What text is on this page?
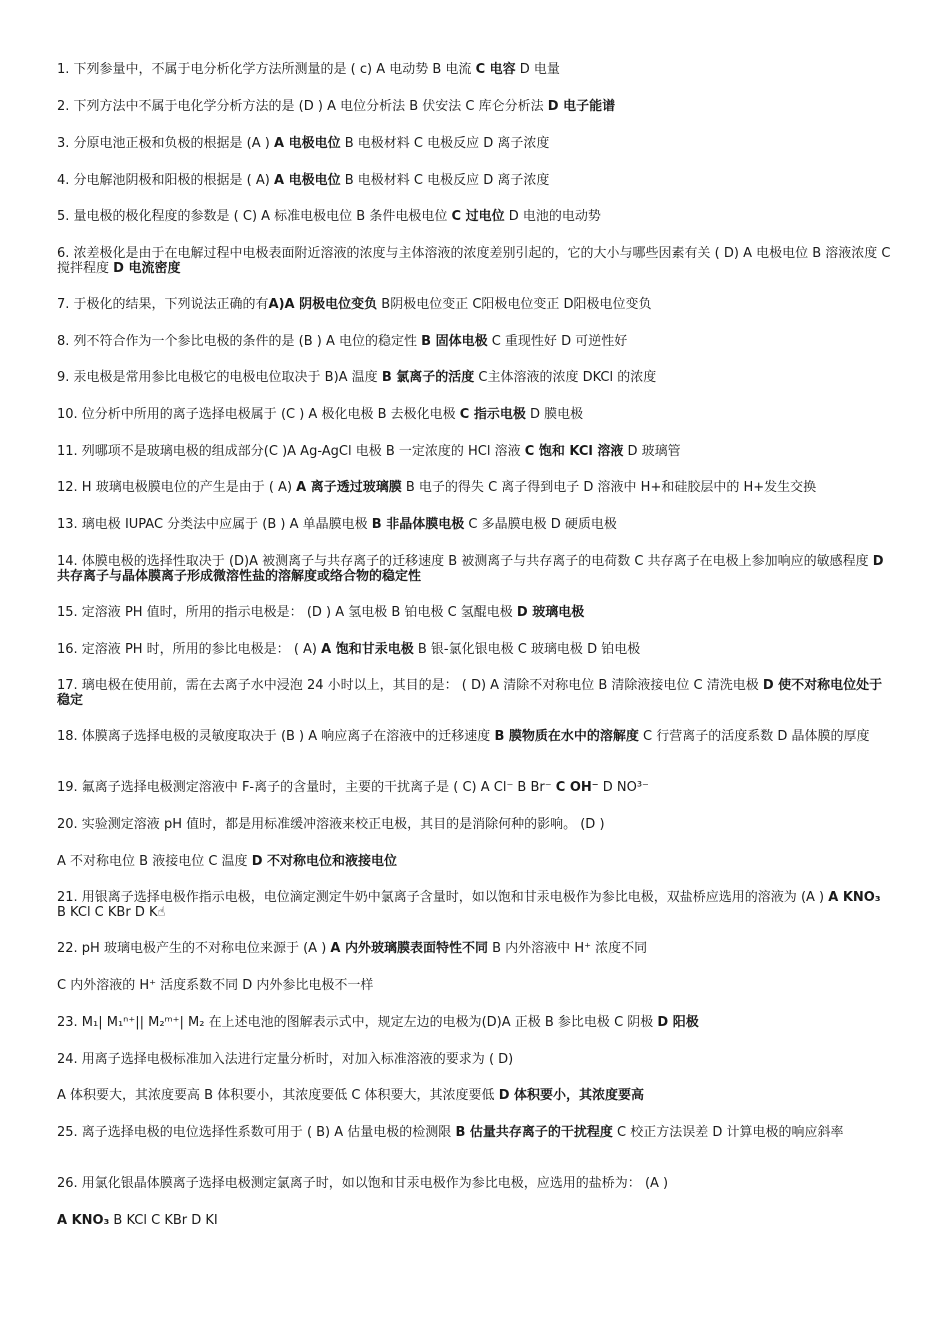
1. 下列参量中，不属于电分析化学方法所测量的是 ( c) A 电动势 B 电流 C 电容 D 电量
2. 下列方法中不属于电化学分析方法的是 (D ) A 电位分析法 B 伏安法 C 库仑分析法 D 电子能谱
3. 分原电池正极和负极的根据是 (A ) A 电极电位 B 电极材料 C 电极反应 D 离子浓度
4. 分电解池阴极和阳极的根据是 ( A) A 电极电位 B 电极材料 C 电极反应 D 离子浓度
5. 量电极的极化程度的参数是 ( C) A 标准电极电位 B 条件电极电位 C 过电位 D 电池的电动势
6. 浓差极化是由于在电解过程中电极表面附近溶液的浓度与主体溶液的浓度差别引起的，它的大小与哪些因素有关 ( D) A 电极电位 B 溶液浓度 C 搅拌程度 D 电流密度
7. 于极化的结果，下列说法正确的有A)A 阴极电位变负 B阴极电位变正 C阳极电位变正 D阳极电位变负
8. 列不符合作为一个参比电极的条件的是 (B ) A 电位的稳定性 B 固体电极 C 重现性好 D 可逆性好
9. 汞电极是常用参比电极它的电极电位取决于 B)A 温度 B 氯离子的活度 C主体溶液的浓度 DKCl 的浓度
10. 位分析中所用的离子选择电极属于 (C ) A 极化电极 B 去极化电极 C 指示电极 D 膜电极
11. 列哪项不是玻璃电极的组成部分(C )A Ag-AgCl 电极 B 一定浓度的 HCl 溶液 C 饱和 KCl 溶液 D 玻璃管
12. H 玻璃电极膜电位的产生是由于 ( A) A 离子透过玻璃膜 B 电子的得失 C 离子得到电子 D 溶液中 H+和硅胶层中的 H+发生交换
13. 璃电极 IUPAC 分类法中应属于 (B ) A 单晶膜电极 B 非晶体膜电极 C 多晶膜电极 D 硬质电极
14. 体膜电极的选择性取决于 (D)A 被测离子与共存离子的迁移速度 B 被测离子与共存离子的电荷数 C 共存离子在电极上参加响应的敏感程度 D 共存离子与晶体膜离子形成微溶性盐的溶解度或络合物的稳定性
15. 定溶液 PH 值时，所用的指示电极是： (D ) A 氢电极 B 铂电极 C 氢醌电极 D 玻璃电极
16. 定溶液 PH 时，所用的参比电极是： ( A) A 饱和甘汞电极 B 银-氯化银电极 C 玻璃电极 D 铂电极
17. 璃电极在使用前，需在去离子水中浸泡 24 小时以上，其目的是： ( D) A 清除不对称电位 B 清除液接电位 C 清洗电极 D 使不对称电位处于稳定
18. 体膜离子选择电极的灵敏度取决于 (B ) A 响应离子在溶液中的迁移速度 B 膜物质在水中的溶解度 C 行营离子的活度系数 D 晶体膜的厚度
19. 氟离子选择电极测定溶液中 F-离子的含量时，主要的干扰离子是 ( C) A Cl⁻ B Br⁻ C OH⁻ D NO³⁻
20. 实验测定溶液 pH 值时，都是用标准缓冲溶液来校正电极，其目的是消除何种的影响。 (D )
A 不对称电位 B 液接电位 C 温度 D 不对称电位和液接电位
21. 用银离子选择电极作指示电极，电位滴定测定牛奶中氯离子含量时，如以饱和甘汞电极作为参比电极，双盐桥应选用的溶液为 (A ) A KNO₃ B KCl C KBr D K☝
22. pH 玻璃电极产生的不对称电位来源于 (A ) A 内外玻璃膜表面特性不同 B 内外溶液中 H⁺ 浓度不同
C 内外溶液的 H⁺ 活度系数不同 D 内外参比电极不一样
23. M₁| M₁ⁿ⁺|| M₂ᵐ⁺| M₂ 在上述电池的图解表示式中，规定左边的电极为(D)A 正极 B 参比电极 C 阴极 D 阳极
24. 用离子选择电极标准加入法进行定量分析时，对加入标准溶液的要求为 ( D)
A 体积要大，其浓度要高 B 体积要小，其浓度要低 C 体积要大，其浓度要低 D 体积要小，其浓度要高
25. 离子选择电极的电位选择性系数可用于 ( B) A 估量电极的检测限 B 估量共存离子的干扰程度 C 校正方法误差 D 计算电极的响应斜率
26. 用氯化银晶体膜离子选择电极测定氯离子时，如以饱和甘汞电极作为参比电极，应选用的盐桥为： (A )
A KNO₃ B KCl C KBr D KI
